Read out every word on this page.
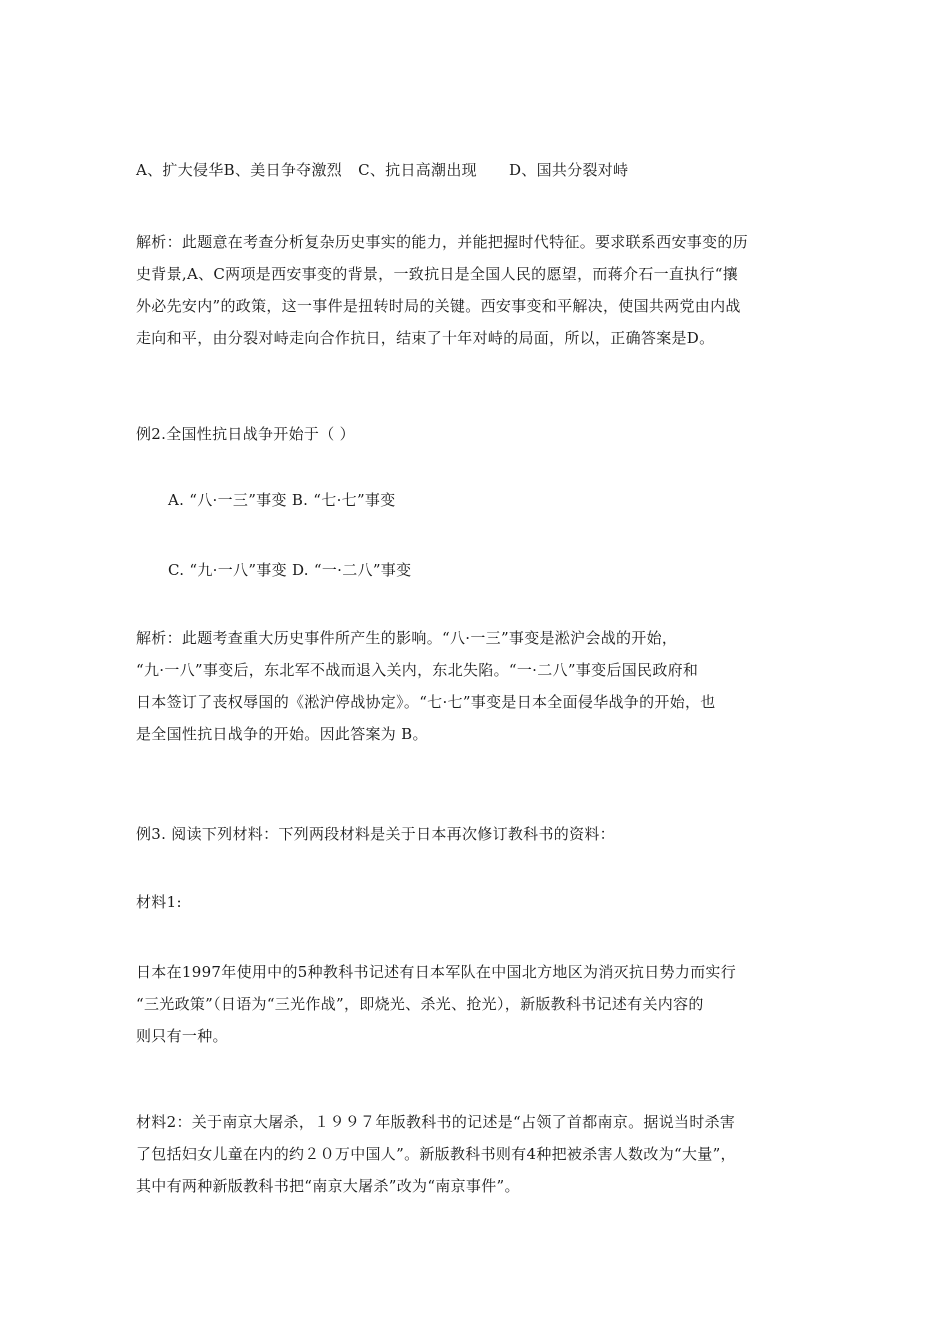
A、扩大侵华B、美日争夺激烈 C、抗日高潮出现 D、国共分裂对峙
解析：此题意在考查分析复杂历史事实的能力，并能把握时代特征。要求联系西安事变的历
史背景,A、C两项是西安事变的背景，一致抗日是全国人民的愿望，而蒋介石一直执行“攘
外必先安内”的政策，这一事件是扭转时局的关键。西安事变和平解决，使国共两党由内战
走向和平，由分裂对峙走向合作抗日，结束了十年对峙的局面，所以，正确答案是D。
例2.全国性抗日战争开始于（ ）
A. “八·一三”事变 B. “七·七”事变
C. “九·一八”事变 D. “一·二八”事变
解析：此题考查重大历史事件所产生的影响。“八·一三”事变是淞沪会战的开始，
“九·一八”事变后，东北军不战而退入关内，东北失陷。“一·二八”事变后国民政府和
日本签订了丧权辱国的《淞沪停战协定》。“七·七”事变是日本全面侵华战争的开始，也
是全国性抗日战争的开始。因此答案为 B。
例3. 阅读下列材料：下列两段材料是关于日本再次修订教科书的资料：
材料1:
日本在1997年使用中的5种教科书记述有日本军队在中国北方地区为消灭抗日势力而实行
“三光政策”（日语为“三光作战”，即烧光、杀光、抢光），新版教科书记述有关内容的
则只有一种。
材料2：关于南京大屠杀，１９９７年版教科书的记述是“占领了首都南京。据说当时杀害
了包括妇女儿童在内的约２０万中国人”。新版教科书则有4种把被杀害人数改为“大量”，
其中有两种新版教科书把“南京大屠杀”改为“南京事件”。
